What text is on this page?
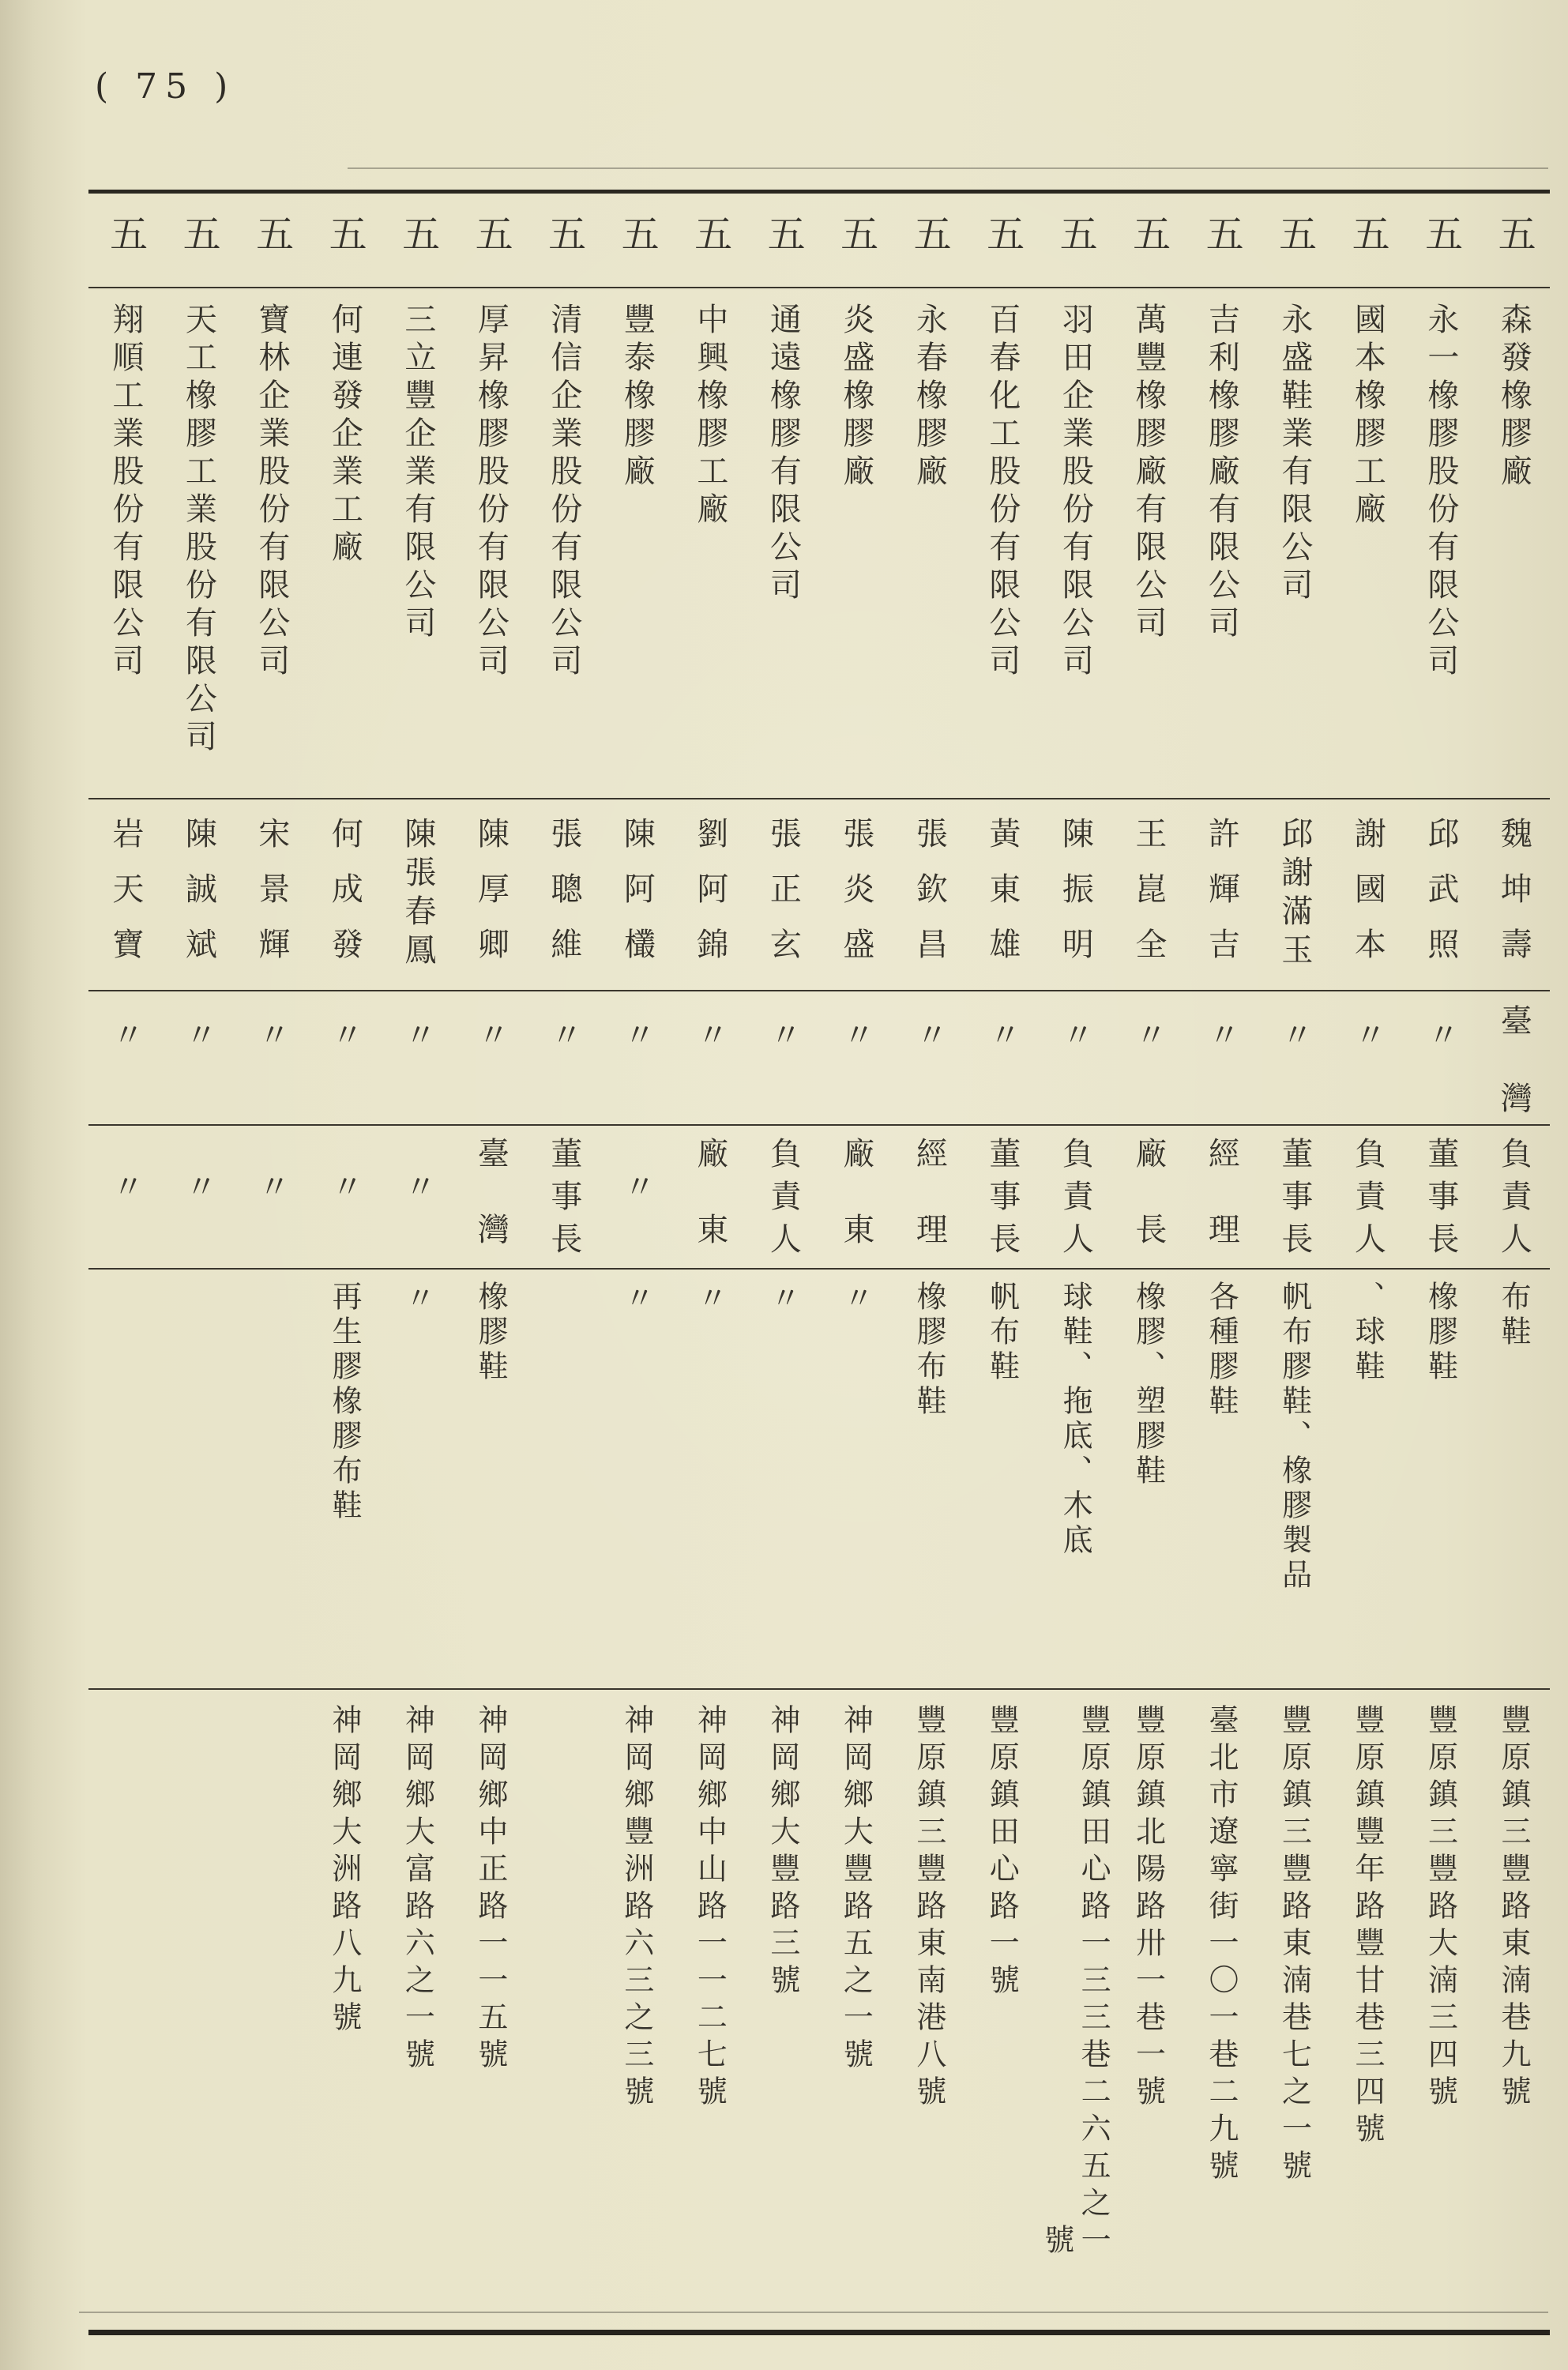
( 75 )
五
五
五
五
五
五
五
五
五
五
五
五
五
五
五
五
五
五
五
五
森發橡膠廠
永一橡膠股份有限公司
國本橡膠工廠
永盛鞋業有限公司
吉利橡膠廠有限公司
萬豐橡膠廠有限公司
羽田企業股份有限公司
百春化工股份有限公司
永春橡膠廠
炎盛橡膠廠
通遠橡膠有限公司
中興橡膠工廠
豐泰橡膠廠
清信企業股份有限公司
厚昇橡膠股份有限公司
三立豐企業有限公司
何連發企業工廠
寶林企業股份有限公司
天工橡膠工業股份有限公司
翔順工業股份有限公司
魏坤壽
邱武照
謝國本
邱謝滿玉
許輝吉
王崑全
陳振明
黃東雄
張欽昌
張炎盛
張正玄
劉阿錦
陳阿欉
張聰維
陳厚卿
陳張春鳳
何成發
宋景輝
陳誠斌
岩天寶
臺灣
〃
〃
〃
〃
〃
〃
〃
〃
〃
〃
〃
〃
〃
〃
〃
〃
〃
〃
〃
負責人
董事長
負責人
董事長
經理
廠長
負責人
董事長
經理
廠東
負責人
廠東
〃
董事長
臺灣
〃
〃
〃
〃
〃
布鞋
橡膠鞋
球鞋、
帆布膠鞋、橡膠製品
各種膠鞋
橡膠、塑膠鞋
球鞋、拖底、木底
帆布鞋
橡膠布鞋
〃
〃
〃
〃
橡膠鞋
〃
再生膠橡膠布鞋
豐原鎮三豐路東湳巷九號
豐原鎮三豐路大湳三四號
豐原鎮豐年路豐甘巷三四號
豐原鎮三豐路東湳巷七之一號
臺北市遼寧街一〇一巷二九號
豐原鎮北陽路卅一巷一號
豐原鎮田心路一三三巷二六五之一
號
豐原鎮田心路一號
豐原鎮三豐路東南港八號
神岡鄉大豐路五之一號
神岡鄉大豐路三號
神岡鄉中山路一一二七號
神岡鄉豐洲路六三之三號
神岡鄉中正路一一五號
神岡鄉大富路六之一號
神岡鄉大洲路八九號
